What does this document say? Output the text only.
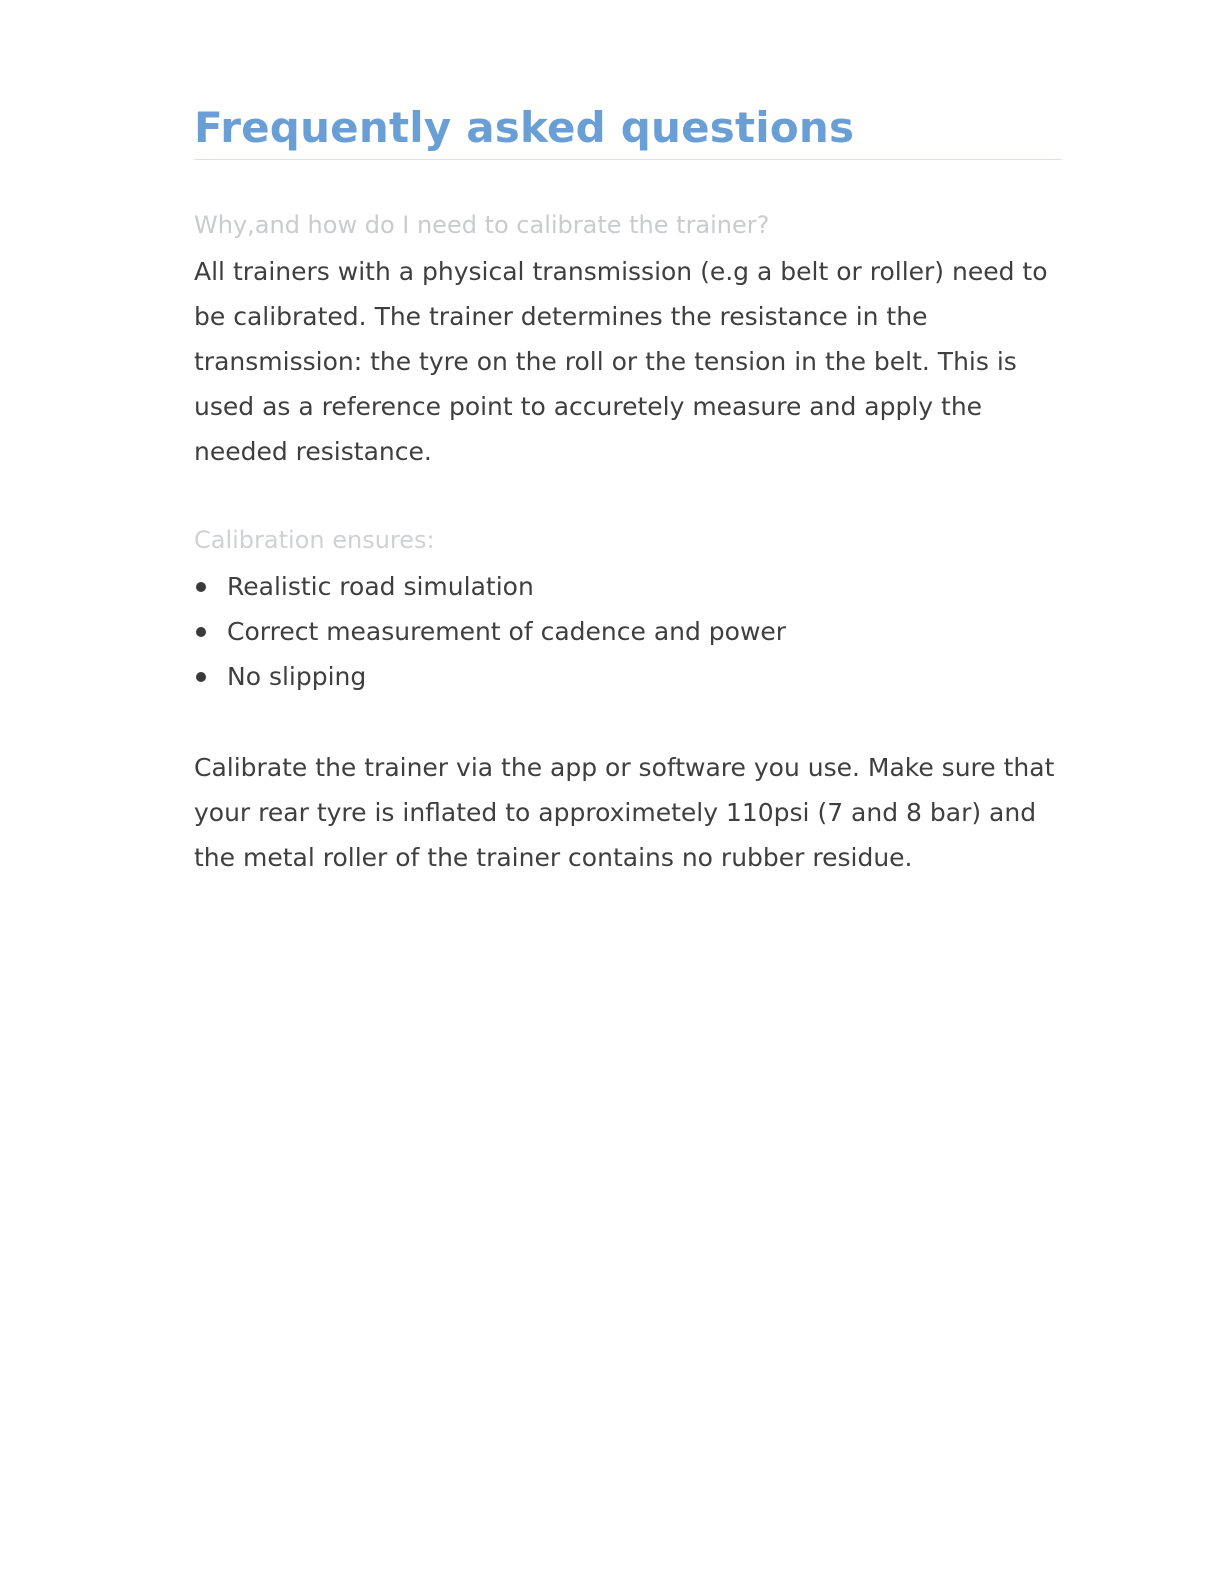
Frequently asked questions
Why,and how do I need to calibrate the trainer?

All trainers with a physical transmission (e.g a belt or roller) need to be calibrated. The trainer determines the resistance in the transmission: the tyre on the roll or the tension in the belt. This is used as a reference point to accuretely measure and apply the needed resistance.

Calibration ensures:
Realistic road simulation
Correct measurement of cadence and power
No slipping

Calibrate the trainer via the app or software you use. Make sure that your rear tyre is inflated to approximetely 110psi (7 and 8 bar) and the metal roller of the trainer contains no rubber residue.
